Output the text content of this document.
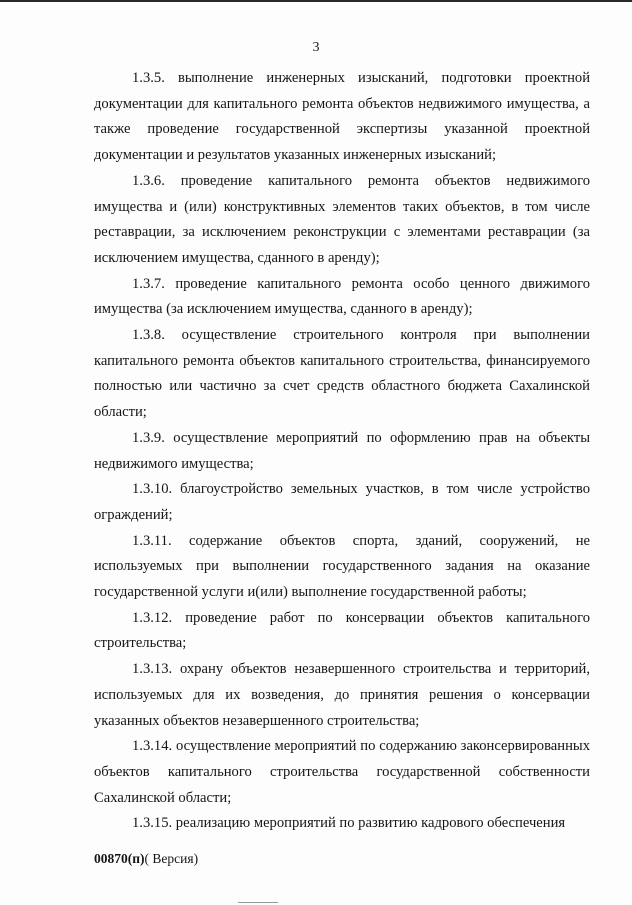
3

1.3.5. выполнение инженерных изысканий, подготовки проектной документации для капитального ремонта объектов недвижимого имущества, а также проведение государственной экспертизы указанной проектной документации и результатов указанных инженерных изысканий;

1.3.6. проведение капитального ремонта объектов недвижимого имущества и (или) конструктивных элементов таких объектов, в том числе реставрации, за исключением реконструкции с элементами реставрации (за исключением имущества, сданного в аренду);

1.3.7. проведение капитального ремонта особо ценного движимого имущества (за исключением имущества, сданного в аренду);

1.3.8. осуществление строительного контроля при выполнении капитального ремонта объектов капитального строительства, финансируемого полностью или частично за счет средств областного бюджета Сахалинской области;

1.3.9. осуществление мероприятий по оформлению прав на объекты недвижимого имущества;

1.3.10. благоустройство земельных участков, в том числе устройство ограждений;

1.3.11. содержание объектов спорта, зданий, сооружений, не используемых при выполнении государственного задания на оказание государственной услуги и(или) выполнение государственной работы;

1.3.12. проведение работ по консервации объектов капитального строительства;

1.3.13. охрану объектов незавершенного строительства и территорий, используемых для их возведения, до принятия решения о консервации указанных объектов незавершенного строительства;

1.3.14. осуществление мероприятий по содержанию законсервированных объектов капитального строительства государственной собственности Сахалинской области;

1.3.15. реализацию мероприятий по развитию кадрового обеспечения

00870(п)( Версия)
